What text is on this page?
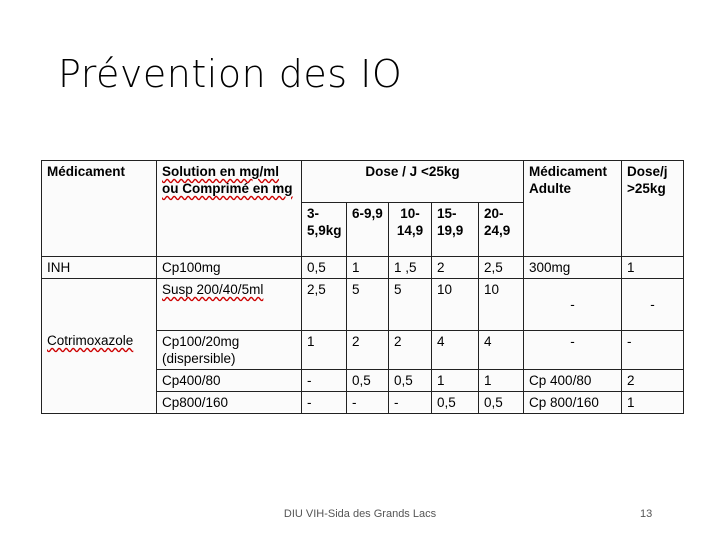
Prévention des IO
Médicament	Solution en mg/ml ou Comprimé en mg	Dose / J <25kg					Médicament Adulte	Dose/j >25kg
		3-5,9kg	6-9,9	10-14,9	15-19,9	20-24,9		
INH	Cp100mg	0,5	1	1 ,5	2	2,5	300mg	1
Cotrimoxazole	Susp 200/40/5ml	2,5	5	5	10	10	-	-
	Cp100/20mg (dispersible)	1	2	2	4	4	-	-
	Cp400/80	-	0,5	0,5	1	1	Cp 400/80	2
	Cp800/160	-	-	-	0,5	0,5	Cp 800/160	1
DIU VIH-Sida des Grands Lacs	13
